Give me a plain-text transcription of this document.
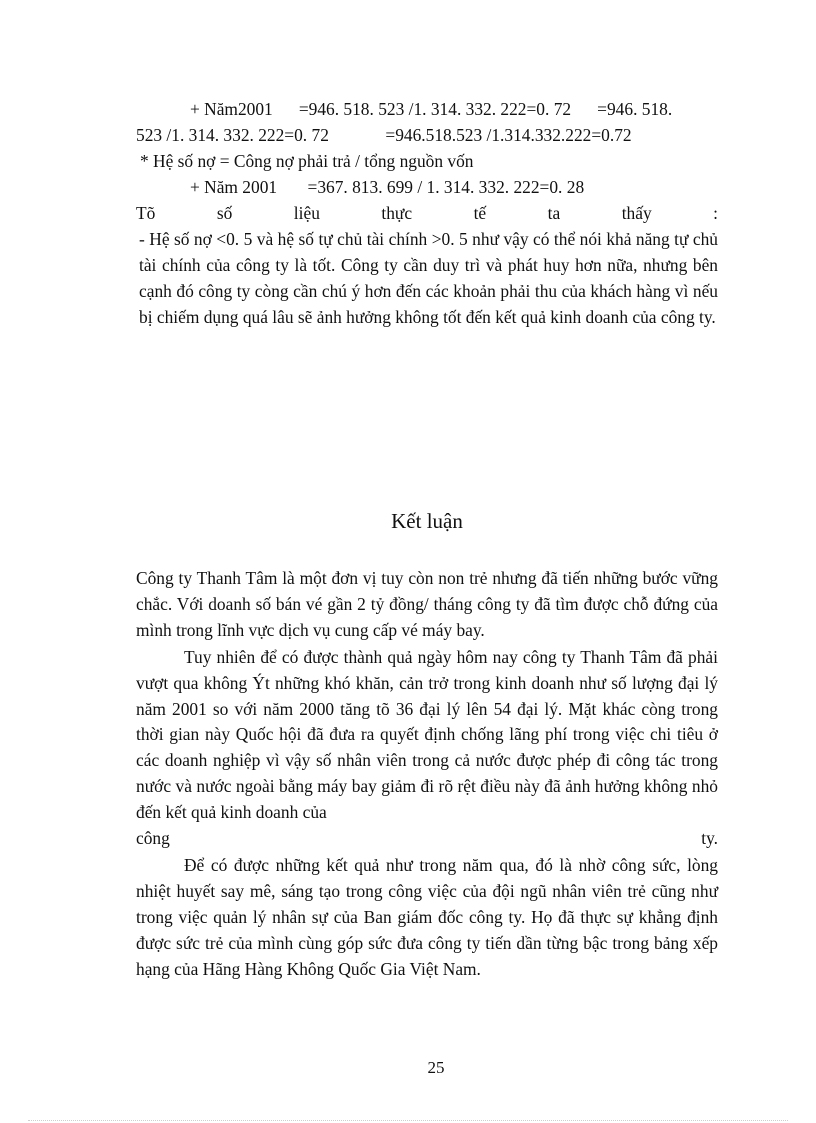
+ Năm2001      =946. 518. 523 /1. 314. 332. 222=0. 72      =946. 518.
523 /1. 314. 332. 222=0. 72             =946.518.523 /1.314.332.222=0.72
* Hệ số nợ = Công nợ phải trả / tổng nguồn vốn
+ Năm 2001       =367. 813. 699 / 1. 314. 332. 222=0. 28
Tõ số liệu thực tế ta thấy :

- Hệ số nợ <0. 5 và hệ số tự chủ tài chính >0. 5 như vậy có thể nói khả năng tự chủ tài chính của công ty là tốt. Công ty cần duy trì và phát huy hơn nữa, nhưng bên cạnh đó công ty còng cần chú ý hơn đến các khoản phải thu của khách hàng vì nếu bị chiếm dụng quá lâu sẽ ảnh hưởng không tốt đến kết quả kinh doanh của công ty.

Kết luận

Công ty Thanh Tâm là một đơn vị tuy còn non trẻ nhưng đã tiến những bước vững chắc. Với doanh số bán vé gần 2 tỷ đồng/ tháng công ty đã tìm được chỗ đứng của mình trong lĩnh vực dịch vụ cung cấp vé máy bay.

Tuy nhiên để có được thành quả ngày hôm nay công ty Thanh Tâm đã phải vượt qua không Ýt những khó khăn, cản trở trong kinh doanh như số lượng đại lý năm 2001 so với năm 2000 tăng tõ 36 đại lý lên 54 đại lý. Mặt khác còng trong thời gian này Quốc hội đã đưa ra quyết định chống lãng phí trong việc chi tiêu ở các doanh nghiệp vì vậy số nhân viên trong cả nước được phép đi công tác trong nước và nước ngoài bằng máy bay giảm đi rõ rệt điều này đã ảnh hưởng không nhỏ đến kết quả kinh doanh của

công ty.

Để có được những kết quả như trong năm qua, đó là nhờ công sức, lòng nhiệt huyết say mê, sáng tạo trong công việc của đội ngũ nhân viên trẻ cũng như trong việc quản lý nhân sự của Ban giám đốc công ty. Họ đã thực sự khẳng định được sức trẻ của mình cùng góp sức đưa công ty tiến dần từng bậc trong bảng xếp hạng của Hãng Hàng Không Quốc Gia Việt Nam.

25
